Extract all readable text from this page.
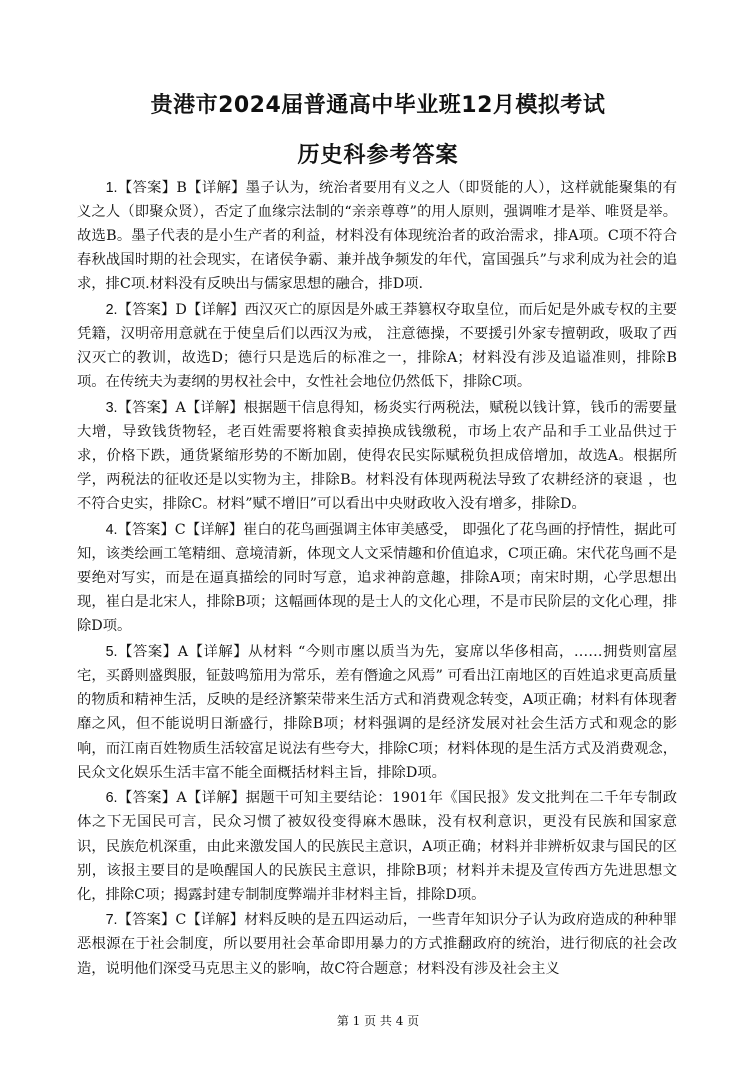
贵港市2024届普通高中毕业班12月模拟考试
历史科参考答案

1.【答案】B【详解】墨子认为，统治者要用有义之人（即贤能的人），这样就能聚集的有义之人（即聚众贤），否定了血缘宗法制的“亲亲尊尊”的用人原则，强调唯才是举、唯贤是举。故选B。墨子代表的是小生产者的利益，材料没有体现统治者的政治需求，排A项。C项不符合春秋战国时期的社会现实，在诸侯争霸、兼并战争频发的年代，富国强兵”与求利成为社会的追求，排C项.材料没有反映出与儒家思想的融合，排D项.

2.【答案】D【详解】西汉灭亡的原因是外戚王莽篡权夺取皇位，而后妃是外戚专权的主要凭籍，汉明帝用意就在于使皇后们以西汉为戒， 注意德操，不要援引外家专擅朝政，吸取了西汉灭亡的教训，故选D；德行只是选后的标准之一，排除A；材料没有涉及追谥准则，排除B项。在传统夫为妻纲的男权社会中，女性社会地位仍然低下，排除C项。

3.【答案】A【详解】根据题干信息得知，杨炎实行两税法，赋税以钱计算，钱币的需要量大增，导致钱货物轻，老百姓需要将粮食卖掉换成钱缴税，市场上农产品和手工业品供过于求，价格下跌，通货紧缩形势的不断加剧，使得农民实际赋税负担成倍增加，故选A。根据所学，两税法的征收还是以实物为主，排除B。材料没有体现两税法导致了农耕经济的衰退 ，也不符合史实，排除C。材料”赋不增旧”可以看出中央财政收入没有增多，排除D。

4.【答案】C【详解】崔白的花鸟画强调主体审美感受， 即强化了花鸟画的抒情性，据此可知，该类绘画工笔精细、意境清新，体现文人文采情趣和价值追求，C项正确。宋代花鸟画不是要绝对写实，而是在逼真描绘的同时写意，追求神韵意趣，排除A项；南宋时期，心学思想出现，崔白是北宋人，排除B项；这幅画体现的是士人的文化心理，不是市民阶层的文化心理，排除D项。

5.【答案】A【详解】从材料 “今则市廛以质当为先，宴席以华侈相高，……拥赀则富屋宅，买爵则盛舆服，钲鼓鸣笳用为常乐，差有僭逾之风焉” 可看出江南地区的百姓追求更高质量的物质和精神生活，反映的是经济繁荣带来生活方式和消费观念转变，A项正确；材料有体现奢靡之风，但不能说明日渐盛行，排除B项；材料强调的是经济发展对社会生活方式和观念的影响，而江南百姓物质生活较富足说法有些夸大，排除C项；材料体现的是生活方式及消费观念，民众文化娱乐生活丰富不能全面概括材料主旨，排除D项。

6.【答案】A【详解】据题干可知主要结论：1901年《国民报》发文批判在二千年专制政体之下无国民可言，民众习惯了被奴役变得麻木愚昧，没有权利意识，更没有民族和国家意识，民族危机深重，由此来激发国人的民族民主意识，A项正确；材料并非辨析奴隶与国民的区别，该报主要目的是唤醒国人的民族民主意识，排除B项；材料并未提及宣传西方先进思想文化，排除C项；揭露封建专制制度弊端并非材料主旨，排除D项。

7.【答案】C【详解】材料反映的是五四运动后，一些青年知识分子认为政府造成的种种罪恶根源在于社会制度，所以要用社会革命即用暴力的方式推翻政府的统治，进行彻底的社会改造，说明他们深受马克思主义的影响，故C符合题意；材料没有涉及社会主义

第 1 页 共 4 页
